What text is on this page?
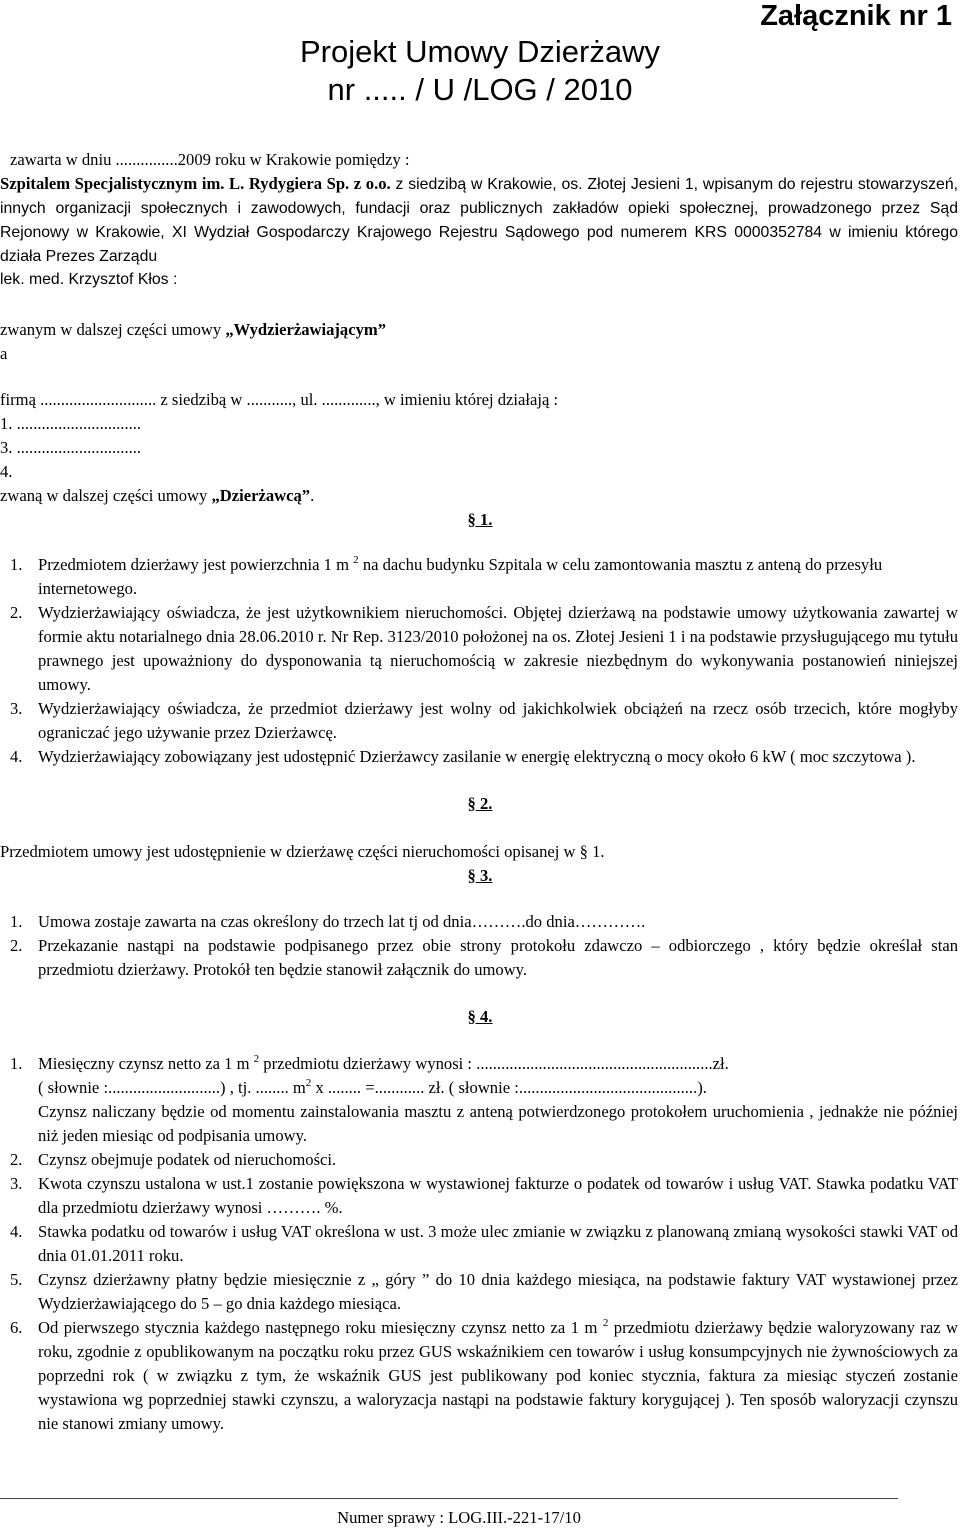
Załącznik nr 1
Projekt Umowy Dzierżawy
nr ..... / U /LOG / 2010
zawarta w dniu ...............2009 roku w Krakowie pomiędzy :
Szpitalem Specjalistycznym im. L. Rydygiera Sp. z o.o. z siedzibą w Krakowie, os. Złotej Jesieni 1, wpisanym do rejestru stowarzyszeń, innych organizacji społecznych i zawodowych, fundacji oraz publicznych zakładów opieki społecznej, prowadzonego przez Sąd Rejonowy w Krakowie, XI Wydział Gospodarczy Krajowego Rejestru Sądowego pod numerem KRS 0000352784 w imieniu którego działa Prezes Zarządu
lek. med. Krzysztof Kłos :
zwanym w dalszej części umowy „Wydzierżawiającym”
a
firmą ............................ z siedzibą w ..........., ul. ............., w imieniu której działają :
1. ..............................
3. ..............................
4.
zwaną w dalszej części umowy „Dzierżawcą”.
§ 1.
1. Przedmiotem dzierżawy jest powierzchnia 1 m $^2$ na dachu budynku Szpitala w celu zamontowania masztu z anteną do przesyłu internetowego.
2. Wydzierżawiający oświadcza, że jest użytkownikiem nieruchomości. Objętej dzierżawą na podstawie umowy użytkowania zawartej w formie aktu notarialnego dnia 28.06.2010 r. Nr Rep. 3123/2010 położonej na os. Złotej Jesieni 1 i na podstawie przysługującego mu tytułu prawnego jest upoważniony do dysponowania tą nieruchomością w zakresie niezbędnym do wykonywania postanowień niniejszej umowy.
3. Wydzierżawiający oświadcza, że przedmiot dzierżawy jest wolny od jakichkolwiek obciążeń na rzecz osób trzecich, które mogłyby ograniczać jego używanie przez Dzierżawcę.
4. Wydzierżawiający zobowiązany jest udostępnić Dzierżawcy zasilanie w energię elektryczną o mocy około 6 kW ( moc szczytowa ).
§ 2.
Przedmiotem umowy jest udostępnienie w dzierżawę części nieruchomości opisanej w § 1.
§ 3.
1. Umowa zostaje zawarta na czas określony do trzech lat tj od dnia……….do dnia………….
2. Przekazanie nastąpi na podstawie podpisanego przez obie strony protokołu zdawczo – odbiorczego , który będzie określał stan przedmiotu dzierżawy. Protokół ten będzie stanowił załącznik do umowy.
§ 4.
1. Miesięczny czynsz netto za 1 m $^2$ przedmiotu dzierżawy wynosi : .........................................................zł.
( słownie :...........................) , tj. ........ $m^2$ x ........ =............ zł. ( słownie :...........................................).
Czynsz naliczany będzie od momentu zainstalowania masztu z anteną potwierdzonego protokołem uruchomienia , jednakże nie później niż jeden miesiąc od podpisania umowy.
2. Czynsz obejmuje podatek od nieruchomości.
3. Kwota czynszu ustalona w ust.1 zostanie powiększona w wystawionej fakturze o podatek od towarów i usług VAT. Stawka podatku VAT dla przedmiotu dzierżawy wynosi ………. %.
4. Stawka podatku od towarów i usług VAT określona w ust. 3 może ulec zmianie w związku z planowaną zmianą wysokości stawki VAT od dnia 01.01.2011 roku.
5. Czynsz dzierżawny płatny będzie miesięcznie z „ góry ” do 10 dnia każdego miesiąca, na podstawie faktury VAT wystawionej przez Wydzierżawiającego do 5 – go dnia każdego miesiąca.
6. Od pierwszego stycznia każdego następnego roku miesięczny czynsz netto za 1 m $^2$ przedmiotu dzierżawy będzie waloryzowany raz w roku, zgodnie z opublikowanym na początku roku przez GUS wskaźnikiem cen towarów i usług konsumpcyjnych nie żywnościowych za poprzedni rok ( w związku z tym, że wskaźnik GUS jest publikowany pod koniec stycznia, faktura za miesiąc styczeń zostanie wystawiona wg poprzedniej stawki czynszu, a waloryzacja nastąpi na podstawie faktury korygującej ). Ten sposób waloryzacji czynszu nie stanowi zmiany umowy.
Numer sprawy : LOG.III.-221-17/10
